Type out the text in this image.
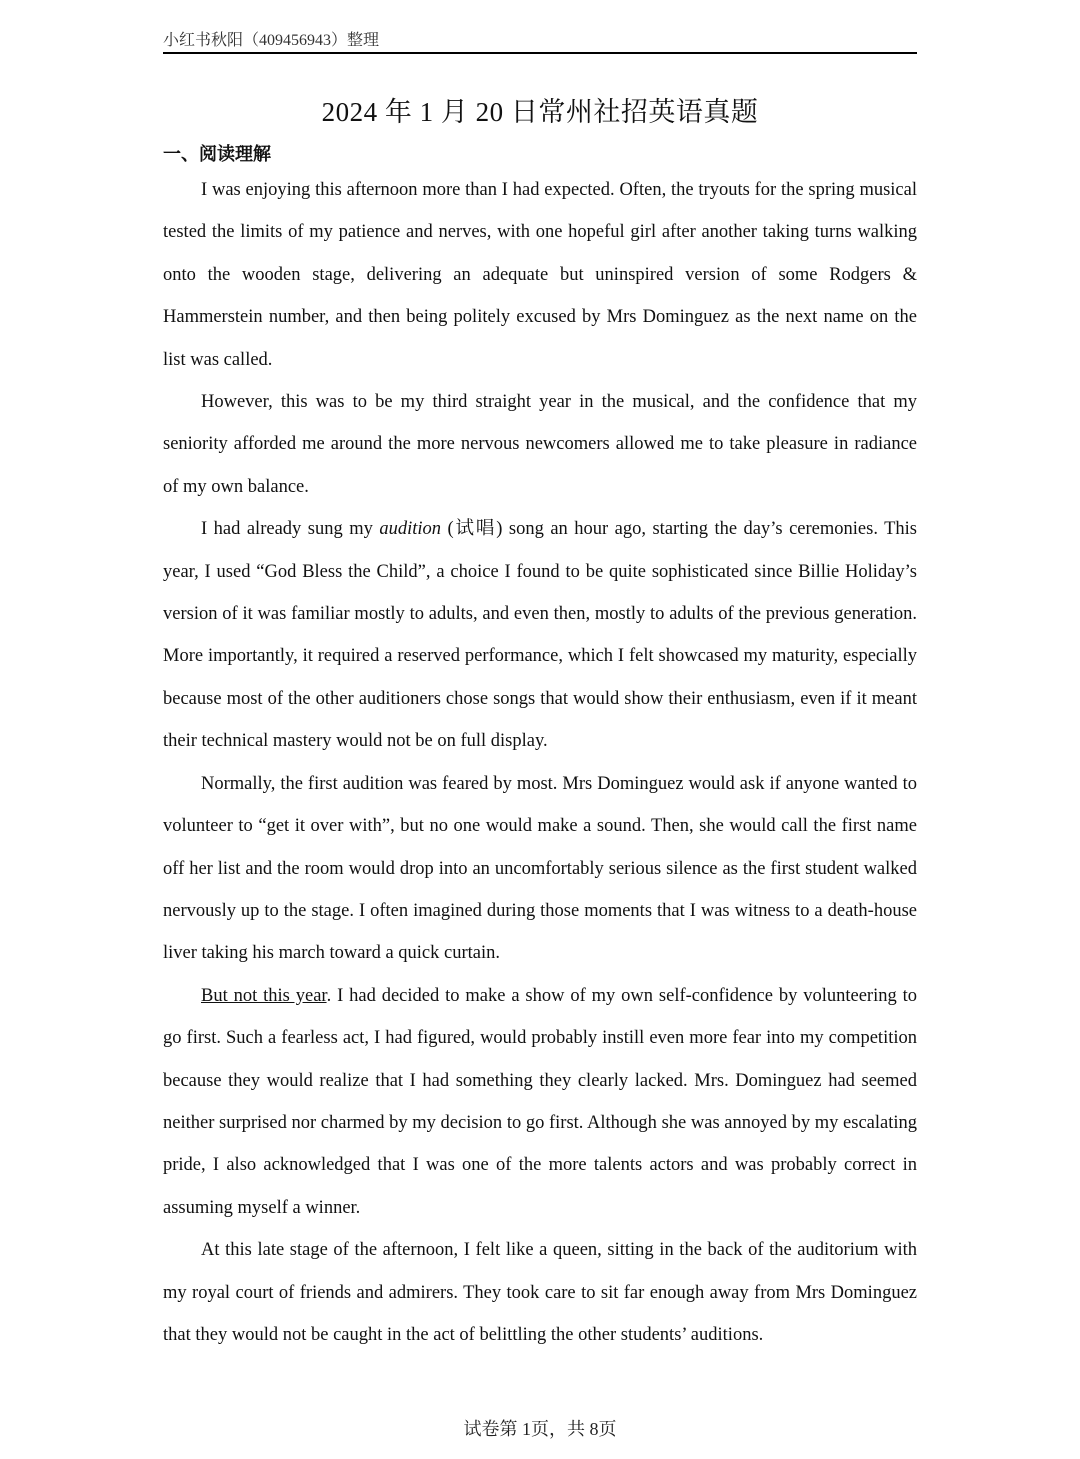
小红书秋阳（409456943）整理
2024 年 1 月 20 日常州社招英语真题
一、阅读理解

I was enjoying this afternoon more than I had expected. Often, the tryouts for the spring musical tested the limits of my patience and nerves, with one hopeful girl after another taking turns walking onto the wooden stage, delivering an adequate but uninspired version of some Rodgers & Hammerstein number, and then being politely excused by Mrs Dominguez as the next name on the list was called.

However, this was to be my third straight year in the musical, and the confidence that my seniority afforded me around the more nervous newcomers allowed me to take pleasure in radiance of my own balance.

I had already sung my audition (试唱) song an hour ago, starting the day’s ceremonies. This year, I used “God Bless the Child”, a choice I found to be quite sophisticated since Billie Holiday’s version of it was familiar mostly to adults, and even then, mostly to adults of the previous generation. More importantly, it required a reserved performance, which I felt showcased my maturity, especially because most of the other auditioners chose songs that would show their enthusiasm, even if it meant their technical mastery would not be on full display.

Normally, the first audition was feared by most. Mrs Dominguez would ask if anyone wanted to volunteer to “get it over with”, but no one would make a sound. Then, she would call the first name off her list and the room would drop into an uncomfortably serious silence as the first student walked nervously up to the stage. I often imagined during those moments that I was witness to a death-house liver taking his march toward a quick curtain.

But not this year. I had decided to make a show of my own self-confidence by volunteering to go first. Such a fearless act, I had figured, would probably instill even more fear into my competition because they would realize that I had something they clearly lacked. Mrs. Dominguez had seemed neither surprised nor charmed by my decision to go first. Although she was annoyed by my escalating pride, I also acknowledged that I was one of the more talents actors and was probably correct in assuming myself a winner.

At this late stage of the afternoon, I felt like a queen, sitting in the back of the auditorium with my royal court of friends and admirers. They took care to sit far enough away from Mrs Dominguez that they would not be caught in the act of belittling the other students’ auditions.

试卷第 1页，共 8页
